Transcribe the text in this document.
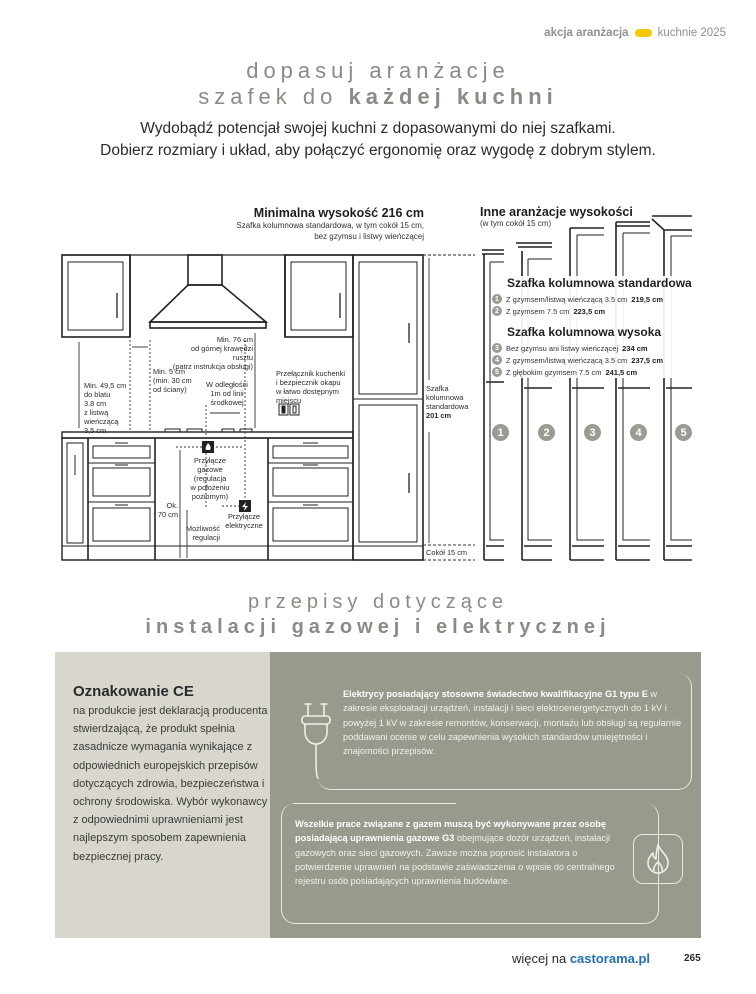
akcja aranżacja	kuchnie 2025
dopasuj aranżacje
szafek do każdej kuchni
Wydobądź potencjał swojej kuchni z dopasowanymi do niej szafkami.
Dobierz rozmiary i układ, aby połączyć ergonomię oraz wygodę z dobrym stylem.
Minimalna wysokość 216 cm
Szafka kolumnowa standardowa, w tym cokół 15 cm,
bez gzymsu i listwy wieńczącej
Inne aranżacje wysokości
(w tym cokół 15 cm)
Szafka kolumnowa standardowa
1 Z gzymsem/listwą wieńczącą 3.5 cm 219,5 cm
2 Z gzymsem 7.5 cm 223,5 cm
Szafka kolumnowa wysoka
3 Bez gzymsu ani listwy wieńczącej 234 cm
4 Z gzymsem/listwą wieńczącą 3.5 cm 237,5 cm
5 Z głębokim gzymsem 7.5 cm 241,5 cm
Min. 76 cm
od górnej krawędzi rusztu
(patrz instrukcja obsługi)
Min. 49,5 cm
do blatu
3.8 cm
z listwą
wieńczącą
3,5 cm
Min. 5 cm
(min. 30 cm
od ściany)
W odległości
1m od linii
środkowej
Przełącznik kuchenki
i bezpiecznik okapu
w łatwo dostępnym
miejscu
Przyłącze
gazowe
(regulacja
w położeniu
poziomym)
Ok.
70 cm
Możliwość
regulacji
Przyłącze
elektryczne
Szafka
kolumnowa
standardowa
201 cm
Cokół 15 cm
1	2	3	4	5
przepisy dotyczące
instalacji gazowej i elektrycznej
Oznakowanie CE
na produkcie jest deklaracją producenta stwierdzającą, że produkt spełnia zasadnicze wymagania wynikające z odpowiednich europejskich przepisów dotyczących zdrowia, bezpieczeństwa i ochrony środowiska. Wybór wykonawcy z odpowiednimi uprawnieniami jest najlepszym sposobem zapewnienia bezpiecznej pracy.
Elektrycy posiadający stosowne świadectwo kwalifikacyjne G1 typu E w zakresie eksploatacji urządzeń, instalacji i sieci elektroenergetycznych do 1 kV i powyżej 1 kV w zakresie remontów, konserwacji, montażu lub obsługi są regularnie poddawani ocenie w celu zapewnienia wysokich standardów umiejętności i znajomości przepisów.
Wszelkie prace związane z gazem muszą być wykonywane przez osobę posiadającą uprawnienia gazowe G3 obejmujące dozór urządzeń, instalacji gazowych oraz sieci gazowych. Zawsze można poprosić instalatora o potwierdzenie uprawnień na podstawie zaświadczenia o wpisie do centralnego rejestru osób posiadających uprawnienia budowlane.
więcej na castorama.pl	265
